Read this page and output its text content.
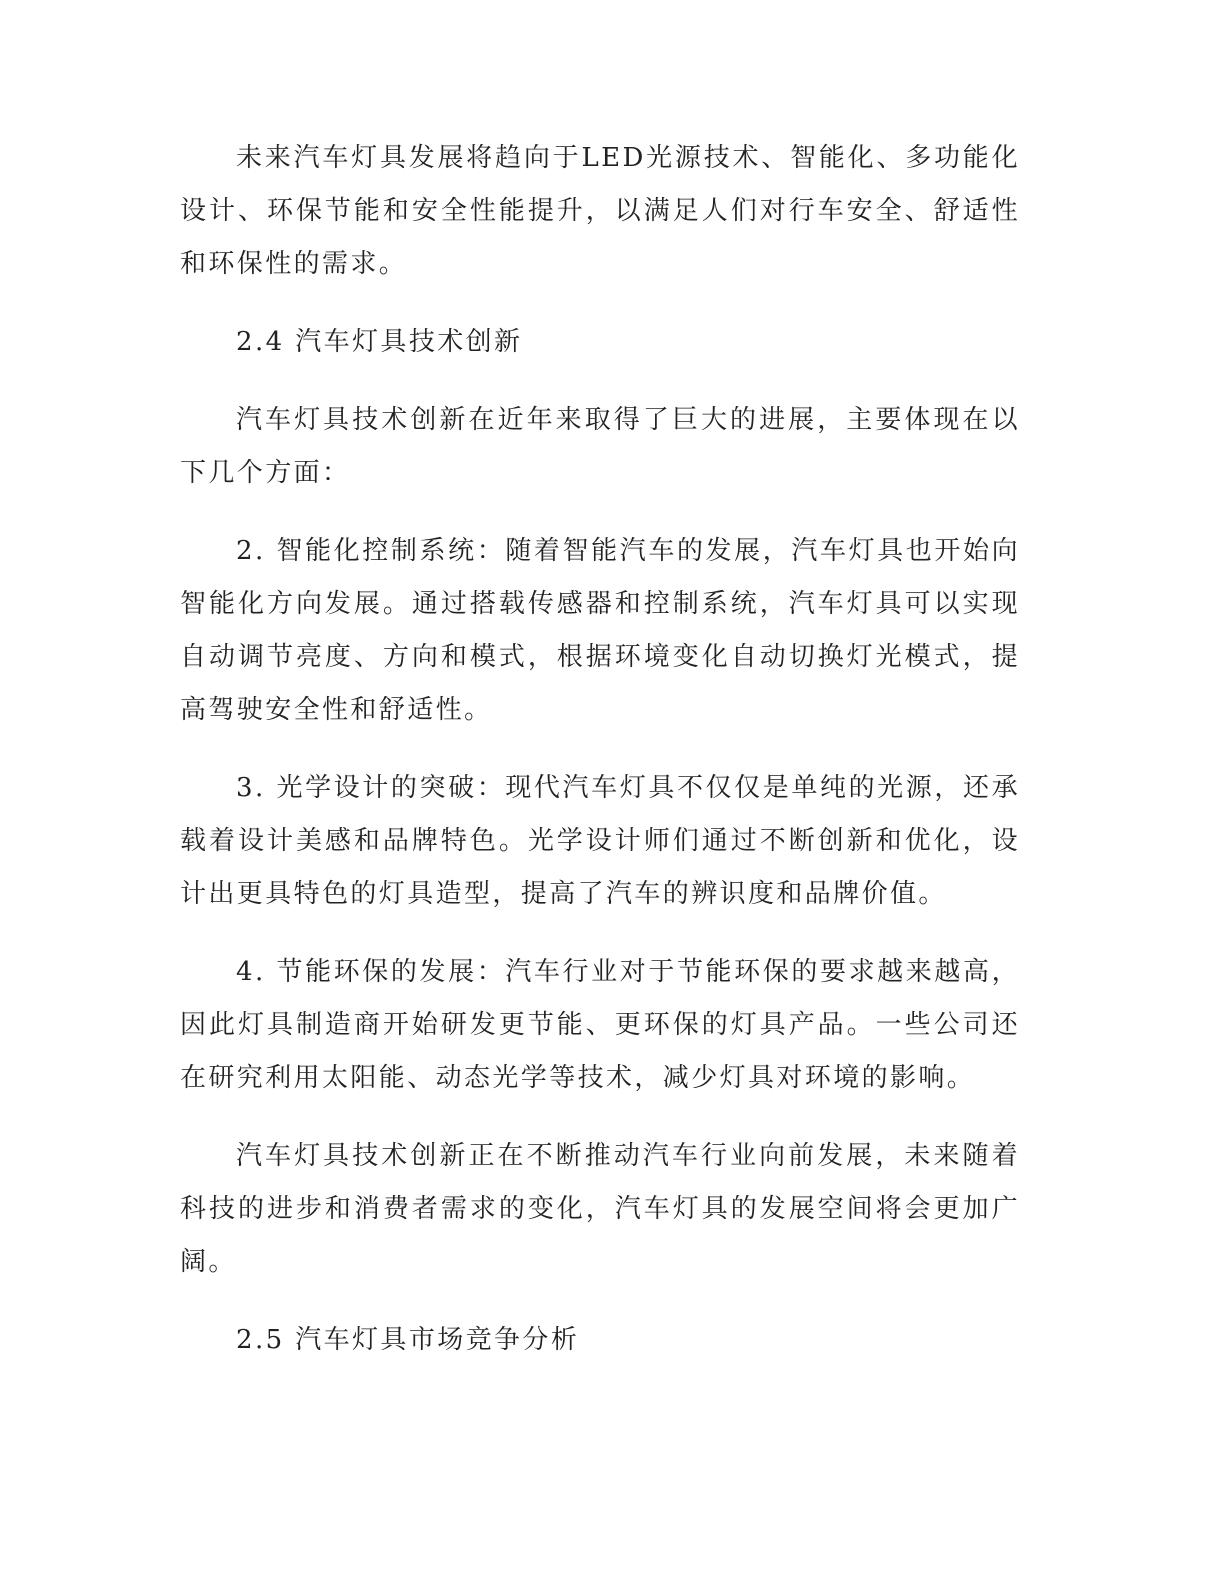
未来汽车灯具发展将趋向于LED光源技术、智能化、多功能化设计、环保节能和安全性能提升，以满足人们对行车安全、舒适性和环保性的需求。

2.4 汽车灯具技术创新

汽车灯具技术创新在近年来取得了巨大的进展，主要体现在以下几个方面：

2. 智能化控制系统：随着智能汽车的发展，汽车灯具也开始向智能化方向发展。通过搭载传感器和控制系统，汽车灯具可以实现自动调节亮度、方向和模式，根据环境变化自动切换灯光模式，提高驾驶安全性和舒适性。

3. 光学设计的突破：现代汽车灯具不仅仅是单纯的光源，还承载着设计美感和品牌特色。光学设计师们通过不断创新和优化，设计出更具特色的灯具造型，提高了汽车的辨识度和品牌价值。

4. 节能环保的发展：汽车行业对于节能环保的要求越来越高，因此灯具制造商开始研发更节能、更环保的灯具产品。一些公司还在研究利用太阳能、动态光学等技术，减少灯具对环境的影响。

汽车灯具技术创新正在不断推动汽车行业向前发展，未来随着科技的进步和消费者需求的变化，汽车灯具的发展空间将会更加广阔。

2.5 汽车灯具市场竞争分析
